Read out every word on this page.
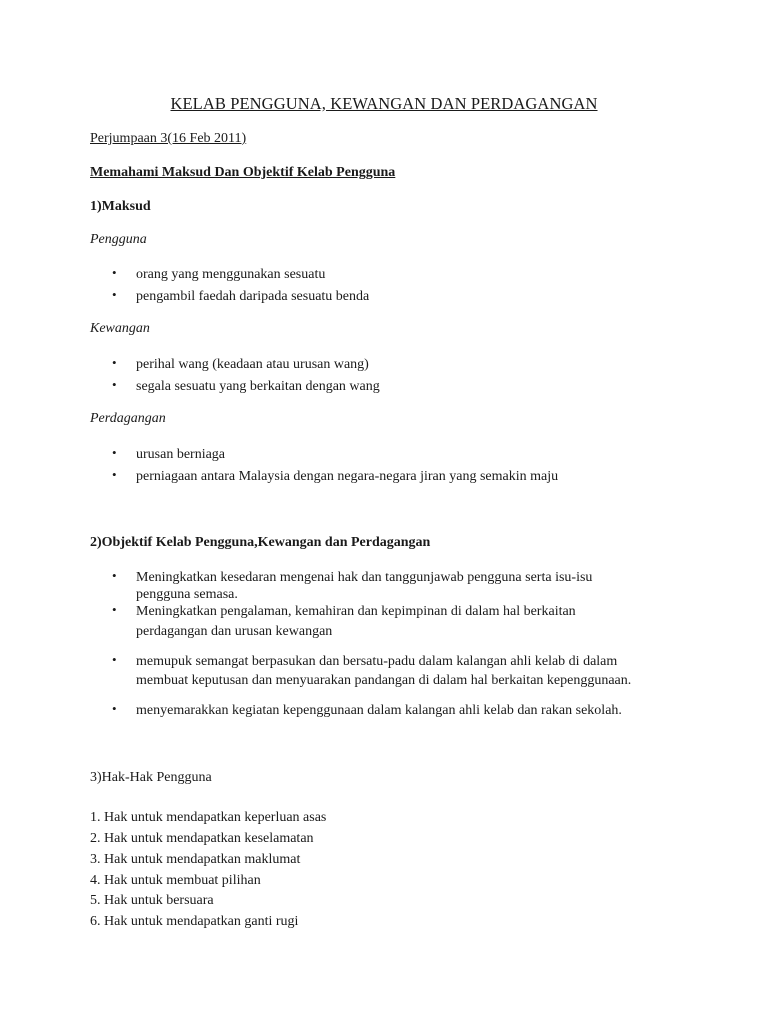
KELAB PENGGUNA, KEWANGAN DAN PERDAGANGAN
Perjumpaan 3(16 Feb 2011)
Memahami Maksud Dan Objektif Kelab Pengguna
1)Maksud
Pengguna
• orang yang menggunakan sesuatu
• pengambil faedah daripada sesuatu benda
Kewangan
• perihal wang (keadaan atau urusan wang)
• segala sesuatu yang berkaitan dengan wang
Perdagangan
• urusan berniaga
• perniagaan antara Malaysia dengan negara-negara jiran yang semakin maju
2)Objektif Kelab Pengguna,Kewangan dan Perdagangan
• Meningkatkan kesedaran mengenai hak dan tanggunjawab pengguna serta isu-isu
pengguna semasa.
• Meningkatkan pengalaman, kemahiran dan kepimpinan di dalam hal berkaitan
perdagangan dan urusan kewangan
• memupuk semangat berpasukan dan bersatu-padu dalam kalangan ahli kelab di dalam
membuat keputusan dan menyuarakan pandangan di dalam hal berkaitan kepenggunaan.
• menyemarakkan kegiatan kepenggunaan dalam kalangan ahli kelab dan rakan sekolah.
3)Hak-Hak Pengguna
1. Hak untuk mendapatkan keperluan asas
2. Hak untuk mendapatkan keselamatan
3. Hak untuk mendapatkan maklumat
4. Hak untuk membuat pilihan
5. Hak untuk bersuara
6. Hak untuk mendapatkan ganti rugi
